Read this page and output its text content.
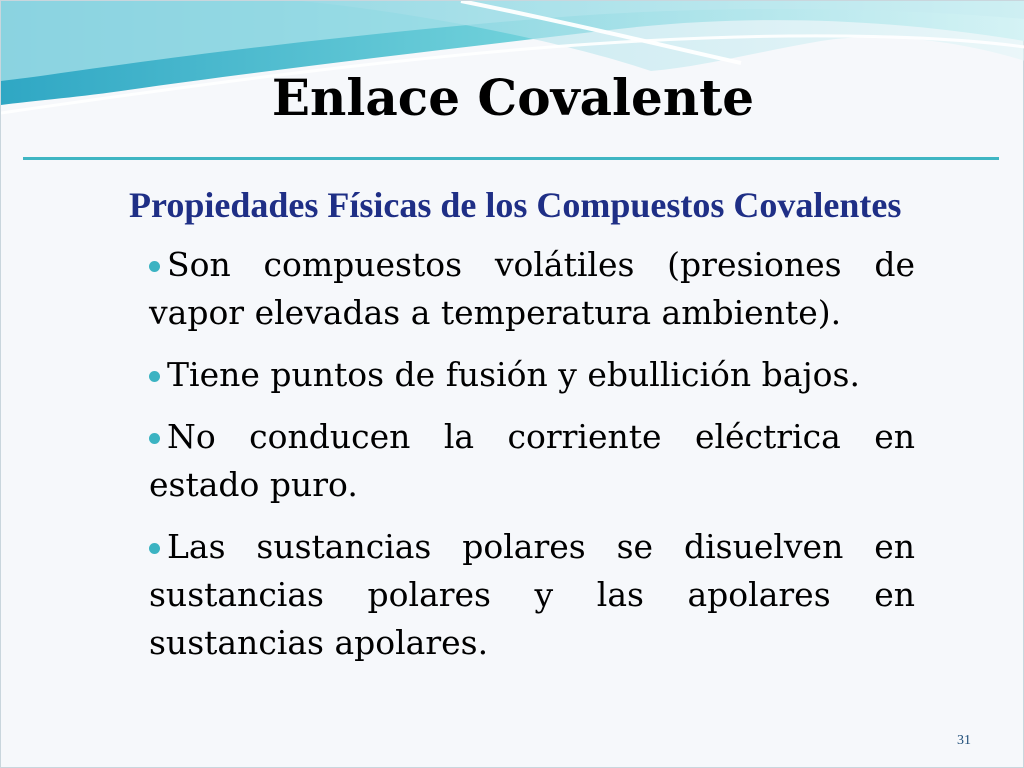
Enlace Covalente

Propiedades Físicas de los Compuestos Covalentes

Son compuestos volátiles (presiones de vapor elevadas a temperatura ambiente).
Tiene puntos de fusión y ebullición bajos.
No conducen la corriente eléctrica en estado puro.
Las sustancias polares se disuelven en sustancias polares y las apolares en sustancias apolares.
31
